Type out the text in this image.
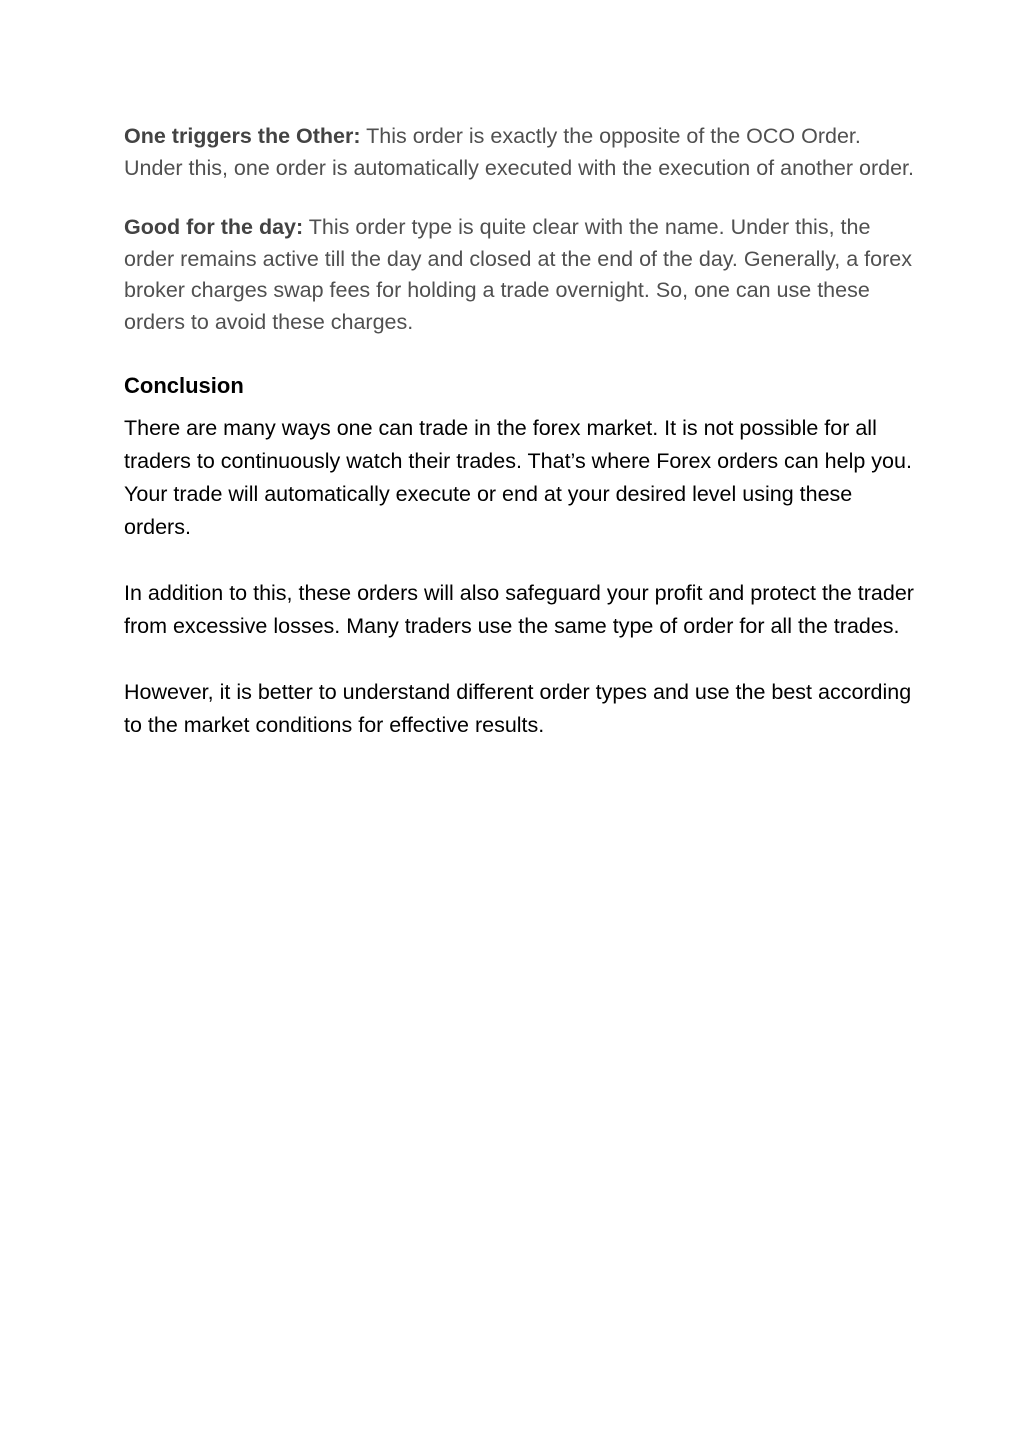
One triggers the Other: This order is exactly the opposite of the OCO Order. Under this, one order is automatically executed with the execution of another order.

Good for the day: This order type is quite clear with the name. Under this, the order remains active till the day and closed at the end of the day. Generally, a forex broker charges swap fees for holding a trade overnight. So, one can use these orders to avoid these charges.

Conclusion

There are many ways one can trade in the forex market. It is not possible for all traders to continuously watch their trades. That’s where Forex orders can help you. Your trade will automatically execute or end at your desired level using these orders.

In addition to this, these orders will also safeguard your profit and protect the trader from excessive losses. Many traders use the same type of order for all the trades.

However, it is better to understand different order types and use the best according to the market conditions for effective results.
